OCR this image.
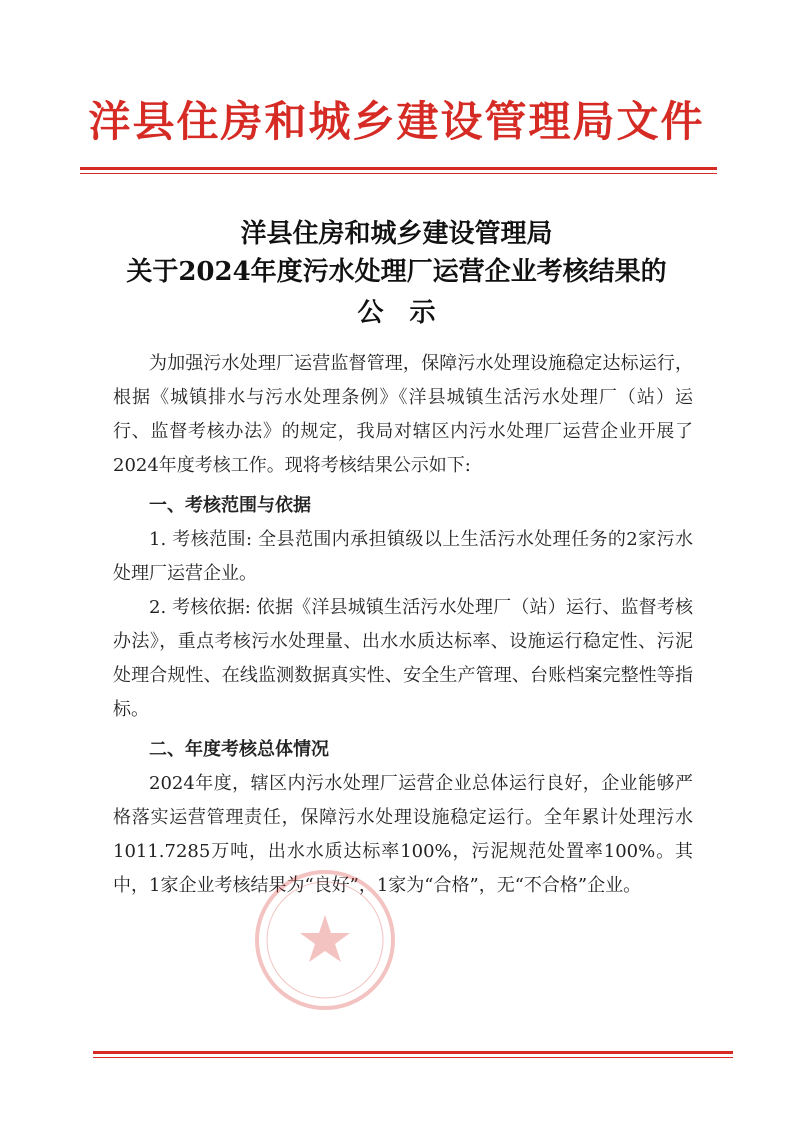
洋县住房和城乡建设管理局文件
洋县住房和城乡建设管理局
关于2024年度污水处理厂运营企业考核结果的
公示

为加强污水处理厂运营监督管理，保障污水处理设施稳定达标运行，根据《城镇排水与污水处理条例》《洋县城镇生活污水处理厂（站）运行、监督考核办法》的规定，我局对辖区内污水处理厂运营企业开展了2024年度考核工作。现将考核结果公示如下:

一、考核范围与依据

1. 考核范围: 全县范围内承担镇级以上生活污水处理任务的2家污水处理厂运营企业。

2. 考核依据: 依据《洋县城镇生活污水处理厂（站）运行、监督考核办法》，重点考核污水处理量、出水水质达标率、设施运行稳定性、污泥处理合规性、在线监测数据真实性、安全生产管理、台账档案完整性等指标。

二、年度考核总体情况

2024年度，辖区内污水处理厂运营企业总体运行良好，企业能够严格落实运营管理责任，保障污水处理设施稳定运行。全年累计处理污水1011.7285万吨，出水水质达标率100%，污泥规范处置率100%。其中，1家企业考核结果为“良好”，1家为“合格”，无“不合格”企业。
